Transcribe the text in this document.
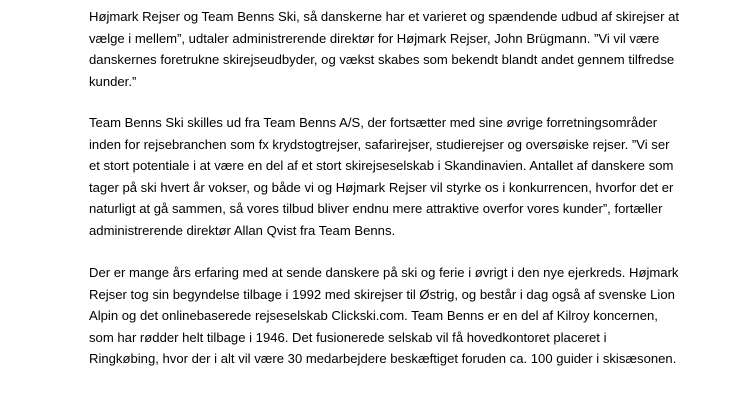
Højmark Rejser og Team Benns Ski, så danskerne har et varieret og spændende udbud af skirejser at
vælge i mellem”, udtaler administrerende direktør for Højmark Rejser, John Brügmann. ”Vi vil være
danskernes foretrukne skirejseudbyder, og vækst skabes som bekendt blandt andet gennem tilfredse
kunder.”
Team Benns Ski skilles ud fra Team Benns A/S, der fortsætter med sine øvrige forretningsområder
inden for rejsebranchen som fx krydstogtrejser, safarirejser, studierejser og oversøiske rejser. ”Vi ser
et stort potentiale i at være en del af et stort skirejseselskab i Skandinavien. Antallet af danskere som
tager på ski hvert år vokser, og både vi og Højmark Rejser vil styrke os i konkurrencen, hvorfor det er
naturligt at gå sammen, så vores tilbud bliver endnu mere attraktive overfor vores kunder”, fortæller
administrerende direktør Allan Qvist fra Team Benns.
Der er mange års erfaring med at sende danskere på ski og ferie i øvrigt i den nye ejerkreds. Højmark
Rejser tog sin begyndelse tilbage i 1992 med skirejser til Østrig, og består i dag også af svenske Lion
Alpin og det onlinebaserede rejseselskab Clickski.com. Team Benns er en del af Kilroy koncernen,
som har rødder helt tilbage i 1946. Det fusionerede selskab vil få hovedkontoret placeret i
Ringkøbing, hvor der i alt vil være 30 medarbejdere beskæftiget foruden ca. 100 guider i skisæsonen.
